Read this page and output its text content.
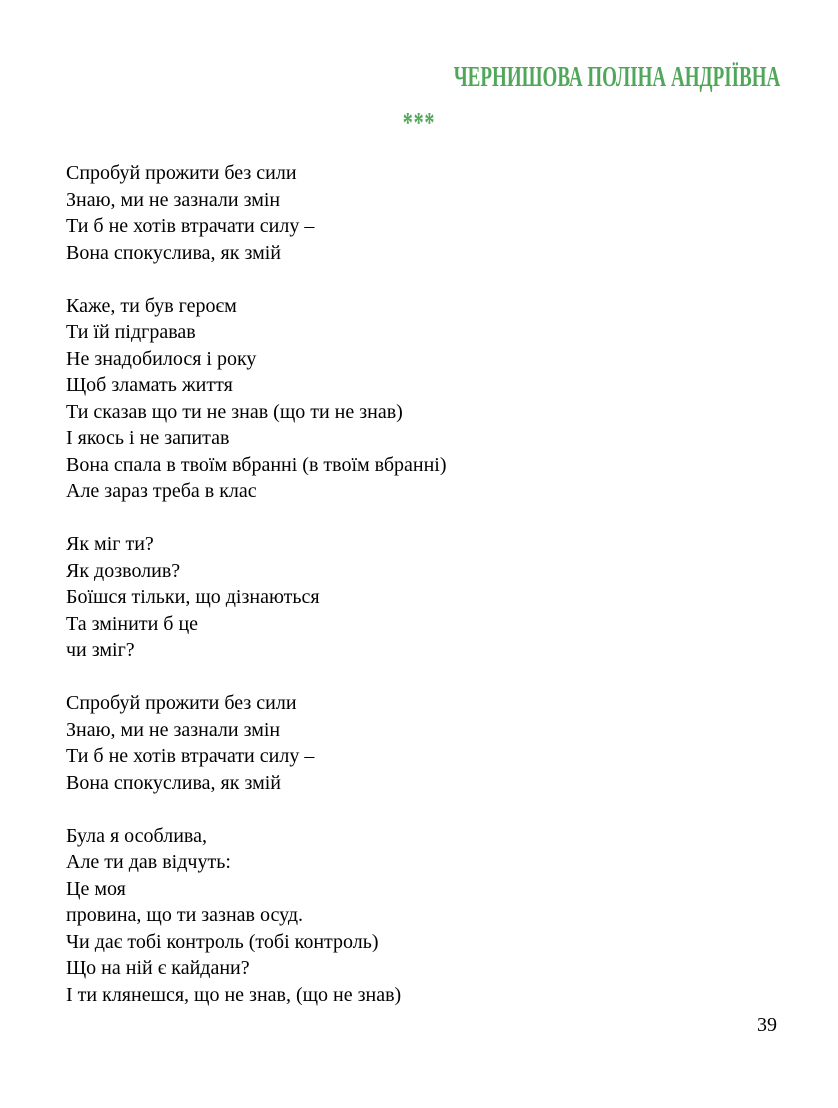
ЧЕРНИШОВА ПОЛІНА АНДРІЇВНА
***
Спробуй прожити без сили
Знаю, ми не зазнали змін
Ти б не хотів втрачати силу –
Вона спокуслива, як змій
Каже, ти був героєм
Ти їй підгравав
Не знадобилося і року
Щоб зламать життя
Ти сказав що ти не знав (що ти не знав)
І якось і не запитав
Вона спала в твоїм вбранні (в твоїм вбранні)
Але зараз треба в клас
Як міг ти?
Як дозволив?
Боїшся тільки, що дізнаються
Та змінити б це
чи зміг?
Спробуй прожити без сили
Знаю, ми не зазнали змін
Ти б не хотів втрачати силу –
Вона спокуслива, як змій
Була я особлива,
Але ти дав відчуть:
Це моя
провина, що ти зазнав осуд.
Чи дає тобі контроль (тобі контроль)
Що на ній є кайдани?
І ти клянешся, що не знав, (що не знав)
39
